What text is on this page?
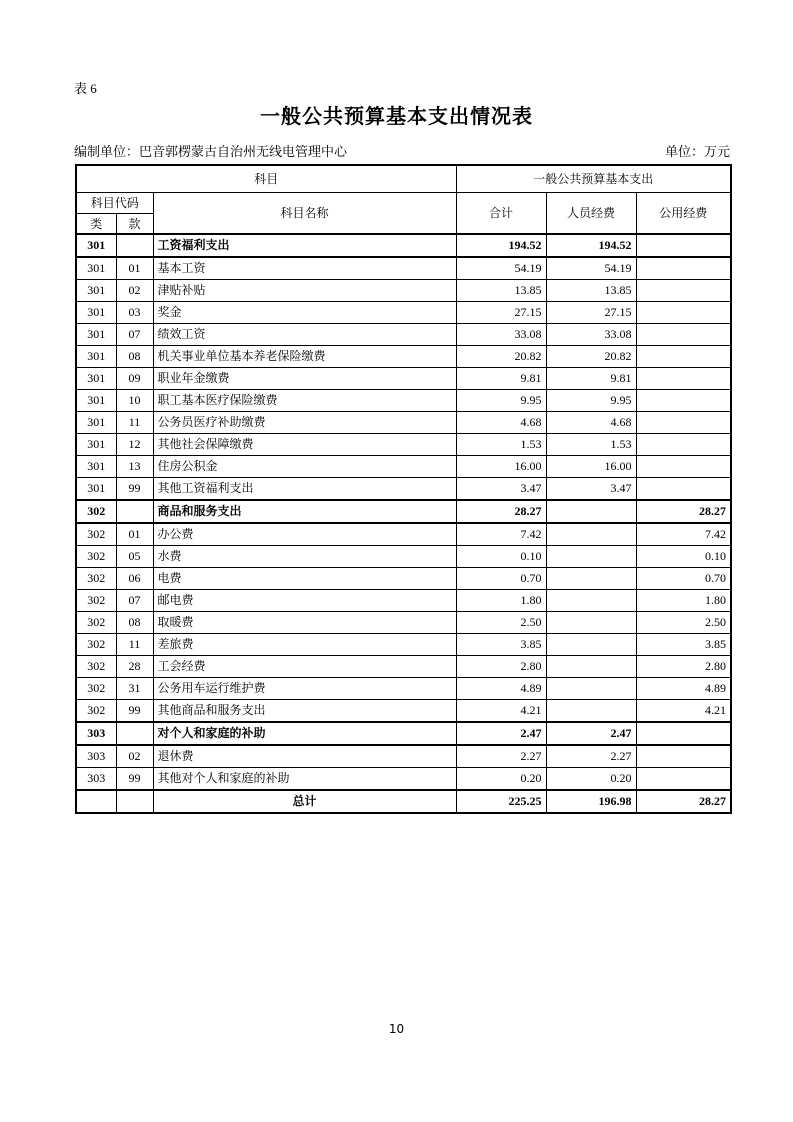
表 6
一般公共预算基本支出情况表
编制单位：巴音郭楞蒙古自治州无线电管理中心	单位：万元
科目			一般公共预算基本支出		
科目代码		科目名称	合计	人员经费	公用经费
类	款				
301		工资福利支出	194.52	194.52	
301	01	基本工资	54.19	54.19	
301	02	津贴补贴	13.85	13.85	
301	03	奖金	27.15	27.15	
301	07	绩效工资	33.08	33.08	
301	08	机关事业单位基本养老保险缴费	20.82	20.82	
301	09	职业年金缴费	9.81	9.81	
301	10	职工基本医疗保险缴费	9.95	9.95	
301	11	公务员医疗补助缴费	4.68	4.68	
301	12	其他社会保障缴费	1.53	1.53	
301	13	住房公积金	16.00	16.00	
301	99	其他工资福利支出	3.47	3.47	
302		商品和服务支出	28.27		28.27
302	01	办公费	7.42		7.42
302	05	水费	0.10		0.10
302	06	电费	0.70		0.70
302	07	邮电费	1.80		1.80
302	08	取暖费	2.50		2.50
302	11	差旅费	3.85		3.85
302	28	工会经费	2.80		2.80
302	31	公务用车运行维护费	4.89		4.89
302	99	其他商品和服务支出	4.21		4.21
303		对个人和家庭的补助	2.47	2.47	
303	02	退休费	2.27	2.27	
303	99	其他对个人和家庭的补助	0.20	0.20	
		总计	225.25	196.98	28.27
10
